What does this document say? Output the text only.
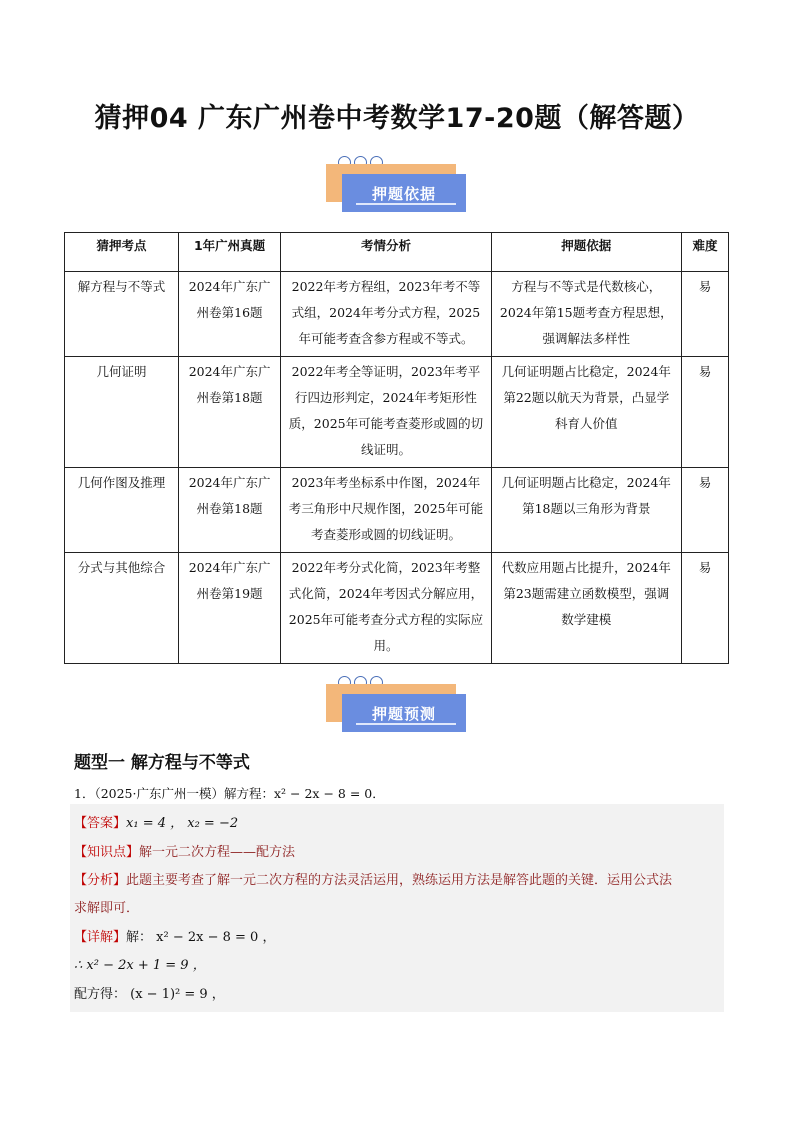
猜押04 广东广州卷中考数学17-20题（解答题）
押题依据
猜押考点	1年广州真题	考情分析	押题依据	难度
解方程与不等式	2024年广东广州卷第16题	2022年考方程组，2023年考不等式组，2024年考分式方程，2025年可能考查含参方程或不等式。	方程与不等式是代数核心，2024年第15题考查方程思想，强调解法多样性	易
几何证明	2024年广东广州卷第18题	2022年考全等证明，2023年考平行四边形判定，2024年考矩形性质，2025年可能考查菱形或圆的切线证明。	几何证明题占比稳定，2024年第22题以航天为背景，凸显学科育人价值	易
几何作图及推理	2024年广东广州卷第18题	2023年考坐标系中作图，2024年考三角形中尺规作图，2025年可能考查菱形或圆的切线证明。	几何证明题占比稳定，2024年第18题以三角形为背景	易
分式与其他综合	2024年广东广州卷第19题	2022年考分式化简，2023年考整式化简，2024年考因式分解应用，2025年可能考查分式方程的实际应用。	代数应用题占比提升，2024年第23题需建立函数模型，强调数学建模	易
押题预测
题型一 解方程与不等式
1．（2025·广东广州一模）解方程：x² − 2x − 8 = 0．
【答案】x₁ = 4 ， x₂ = −2
【知识点】解一元二次方程——配方法
【分析】此题主要考查了解一元二次方程的方法灵活运用，熟练运用方法是解答此题的关键．运用公式法
求解即可．
【详解】解： x² − 2x − 8 = 0 ，
∴ x² − 2x + 1 = 9 ，
配方得： (x − 1)² = 9 ，
